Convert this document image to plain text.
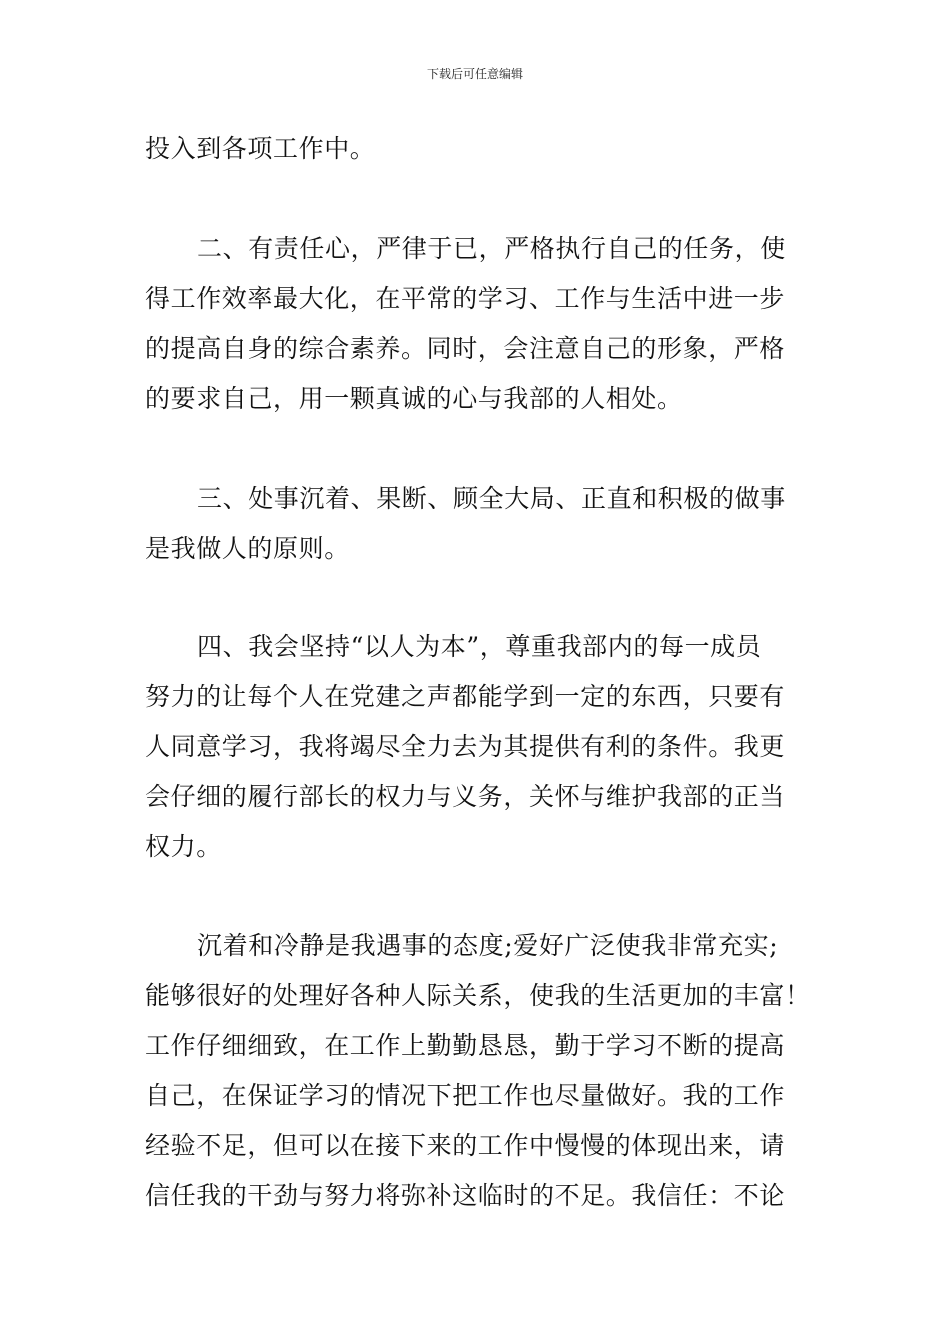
下载后可任意编辑
投入到各项工作中。
二、有责任心，严律于已，严格执行自己的任务，使
得工作效率最大化，在平常的学习、工作与生活中进一步
的提高自身的综合素养。同时，会注意自己的形象，严格
的要求自己，用一颗真诚的心与我部的人相处。
三、处事沉着、果断、顾全大局、正直和积极的做事
是我做人的原则。
四、我会坚持“以人为本”，尊重我部内的每一成员
努力的让每个人在党建之声都能学到一定的东西，只要有
人同意学习，我将竭尽全力去为其提供有利的条件。我更
会仔细的履行部长的权力与义务，关怀与维护我部的正当
权力。
沉着和冷静是我遇事的态度;爱好广泛使我非常充实;
能够很好的处理好各种人际关系，使我的生活更加的丰富！
工作仔细细致，在工作上勤勤恳恳，勤于学习不断的提高
自己，在保证学习的情况下把工作也尽量做好。我的工作
经验不足，但可以在接下来的工作中慢慢的体现出来，请
信任我的干劲与努力将弥补这临时的不足。我信任：不论
